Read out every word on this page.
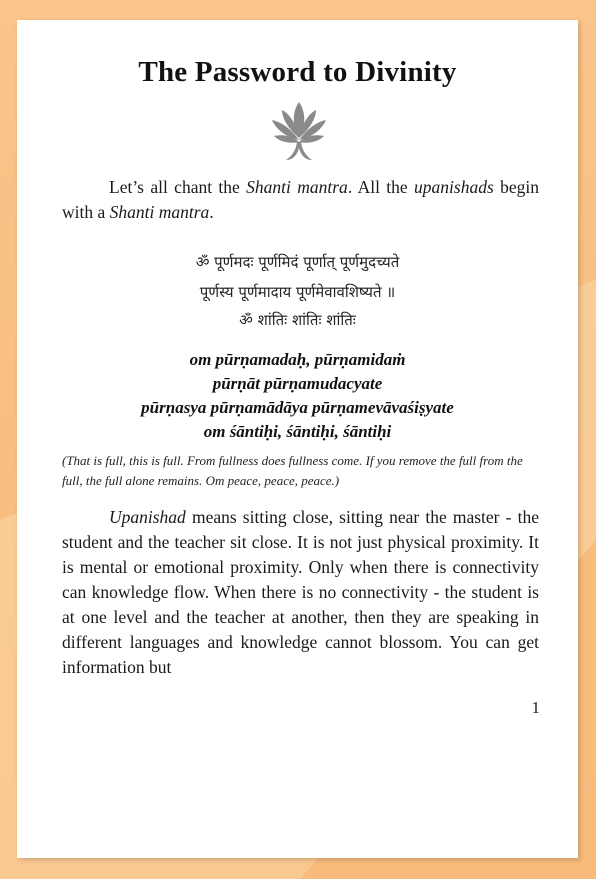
The Password to Divinity

Let’s all chant the Shanti mantra. All the upanishads begin with a Shanti mantra.

ॐ पूर्णमदः पूर्णमिदं पूर्णात् पूर्णमुदच्यते

पूर्णस्य पूर्णमादाय पूर्णमेवावशिष्यते ॥

ॐ शांतिः शांतिः शांतिः

om pūrṇamadaḥ, pūrṇamidaṁ

pūrṇāt pūrṇamudacyate

pūrṇasya pūrṇamādāya pūrṇamevāvaśiṣyate

om śāntiḥi, śāntiḥi, śāntiḥi

(That is full, this is full. From fullness does fullness come. If you remove the full from the full, the full alone remains. Om peace, peace, peace.)

Upanishad means sitting close, sitting near the master - the student and the teacher sit close. It is not just physical proximity. It is mental or emotional proximity. Only when there is connectivity can knowledge flow. When there is no connectivity - the student is at one level and the teacher at another, then they are speaking in different languages and knowledge cannot blossom. You can get information but

1
